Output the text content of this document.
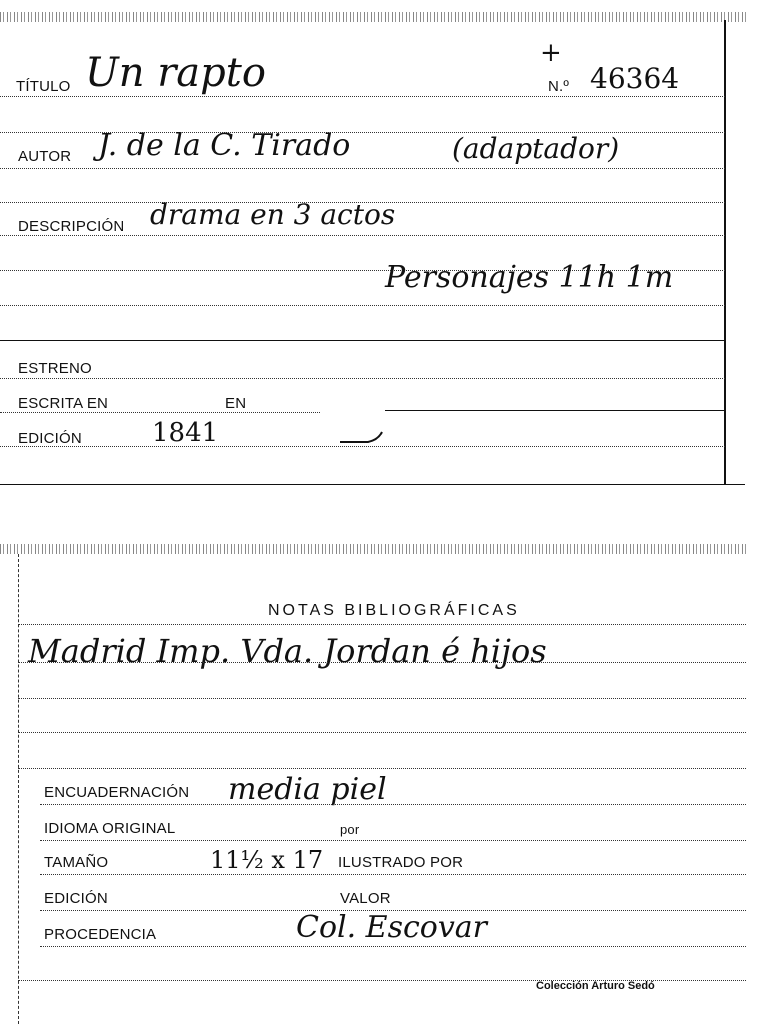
TÍTULO Un rapto	+
N.º 46364
AUTOR J. de la C. Tirado	(adaptador)
DESCRIPCIÓN drama en 3 actos
Personajes 11h 1m
ESTRENO
ESCRITA EN	EN
EDICIÓN	1841
NOTAS BIBLIOGRÁFICAS
Madrid Imp. Vda. Jordan é hijos
ENCUADERNACIÓN media piel
IDIOMA ORIGINAL	por
TAMAÑO	11½ x 17 ILUSTRADO POR
EDICIÓN	VALOR
PROCEDENCIA	Col. Escovar
Colección Arturo Sedó
